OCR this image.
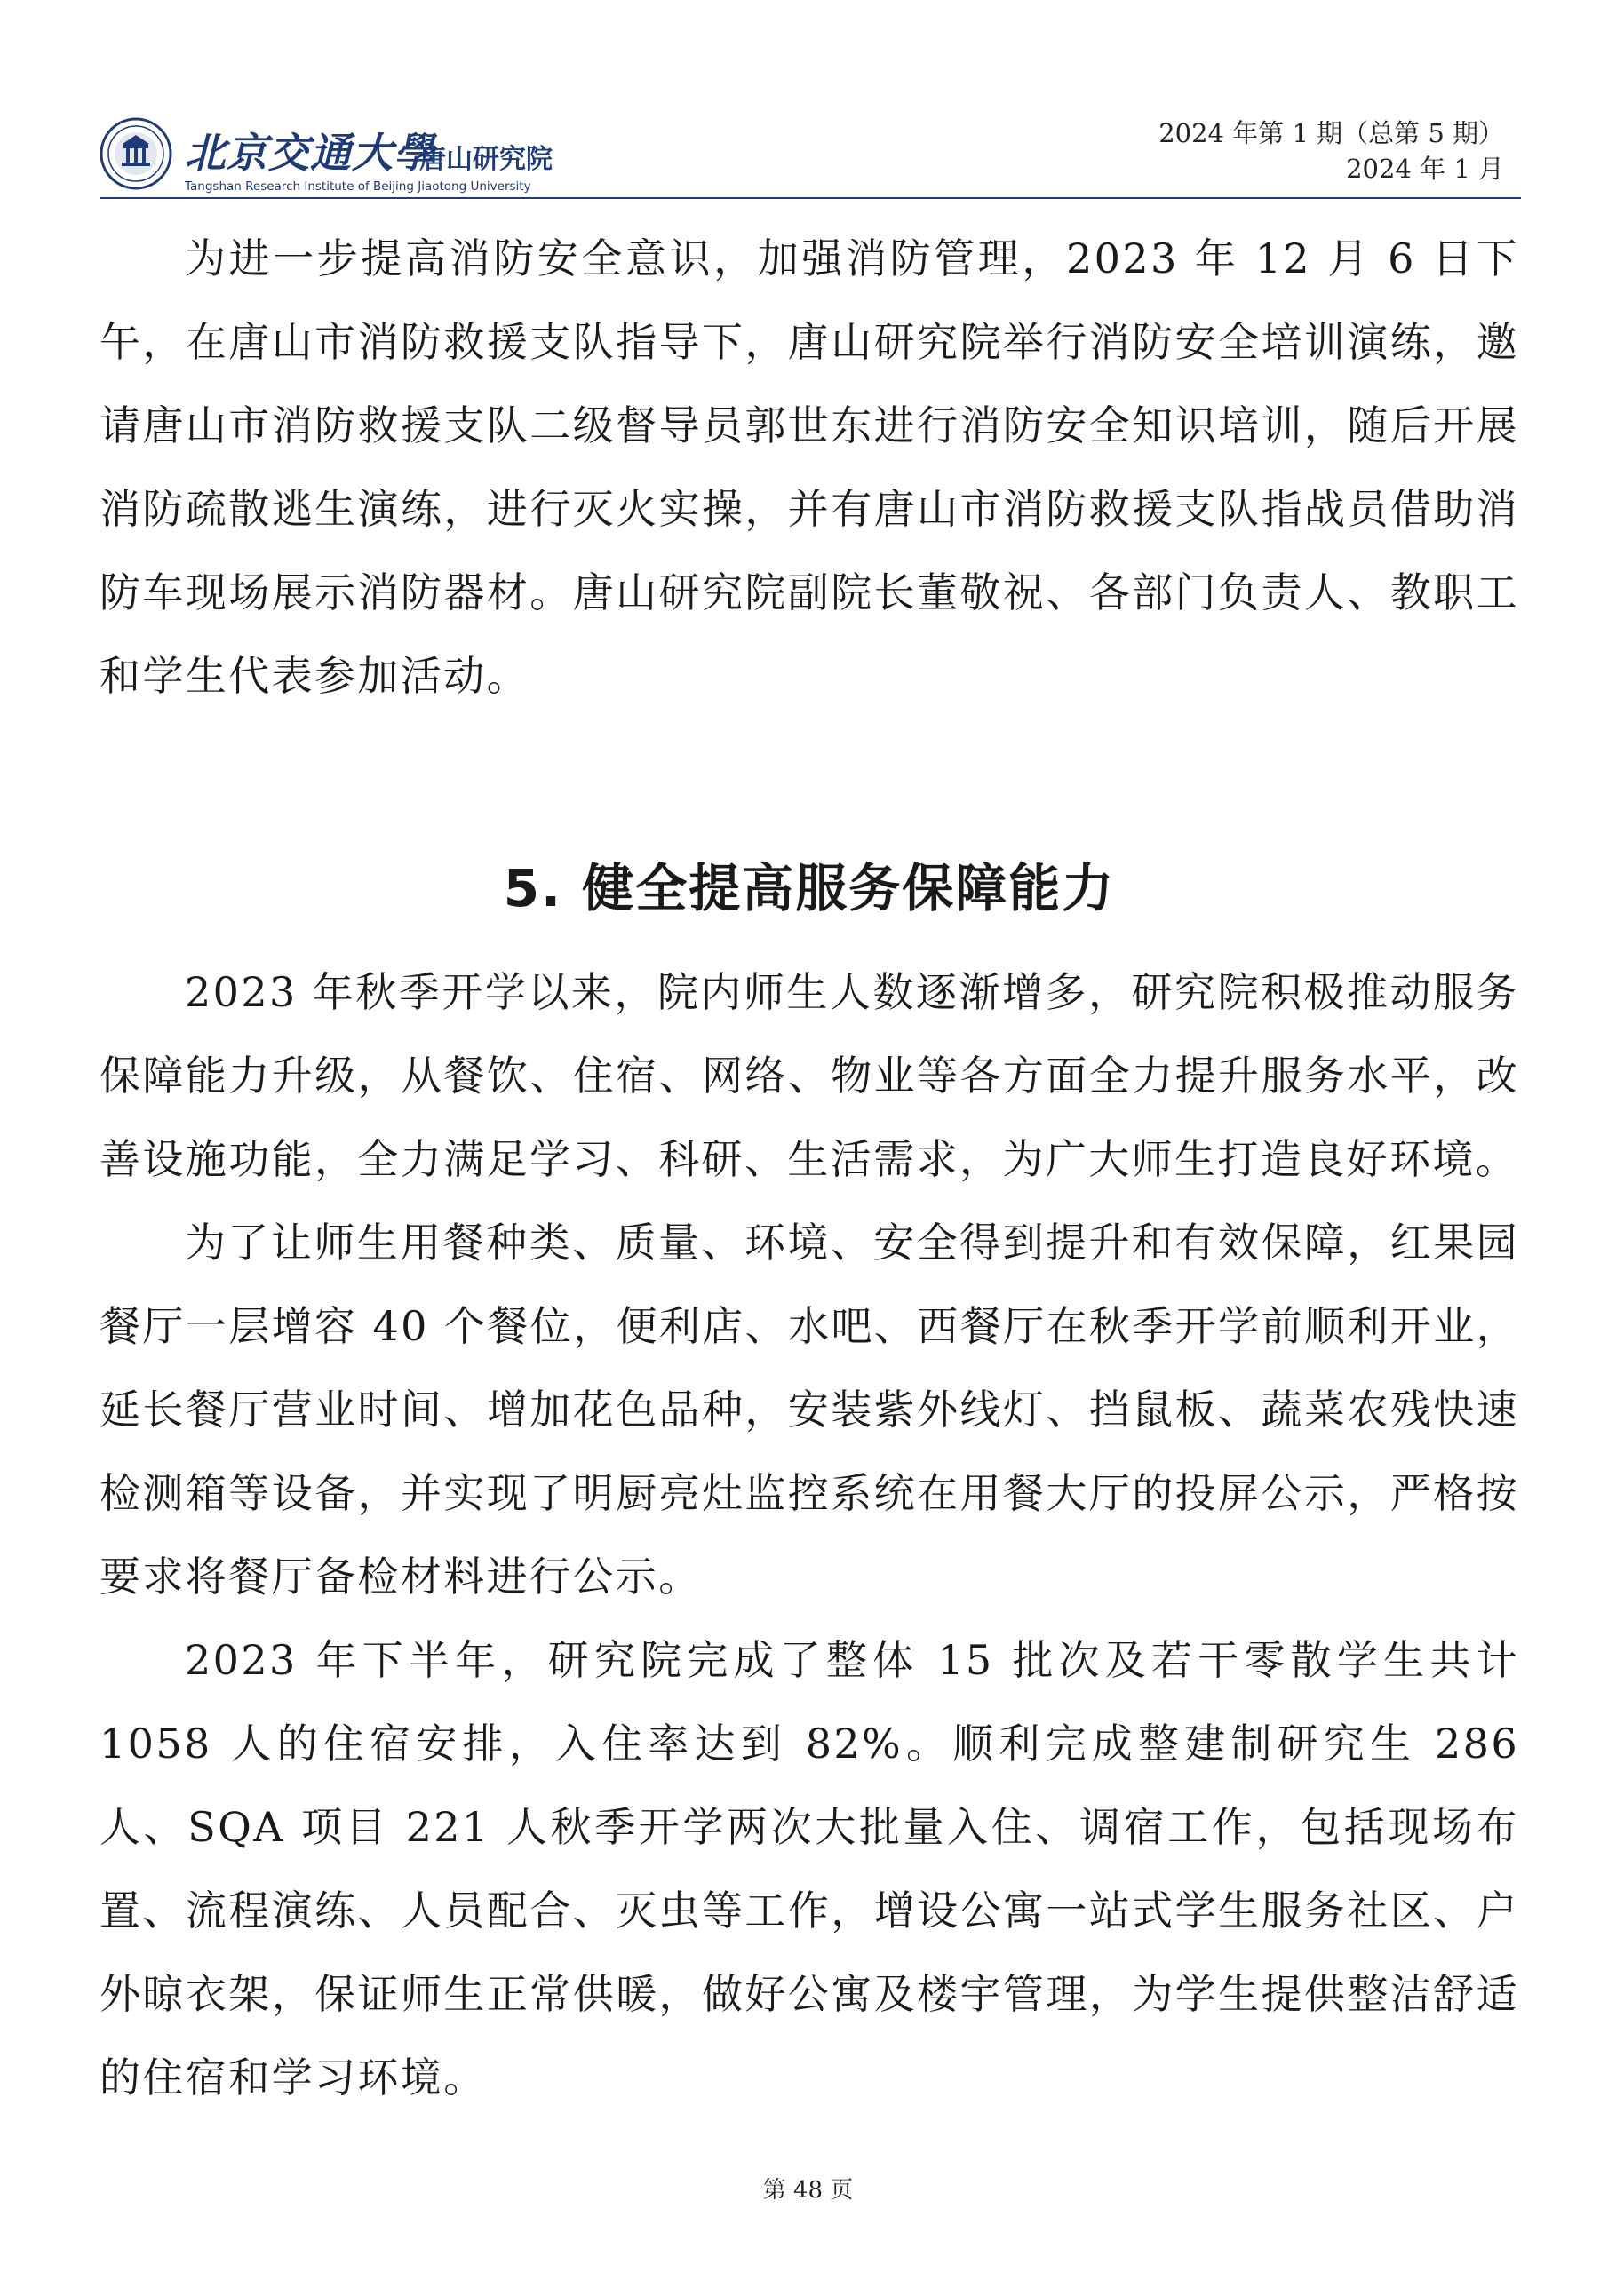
北京交通大學
唐山研究院
Tangshan Research Institute of Beijing Jiaotong University
2024 年第 1 期（总第 5 期）
2024 年 1 月

为进一步提高消防安全意识，加强消防管理，2023 年 12 月 6 日下午，在唐山市消防救援支队指导下，唐山研究院举行消防安全培训演练，邀请唐山市消防救援支队二级督导员郭世东进行消防安全知识培训，随后开展消防疏散逃生演练，进行灭火实操，并有唐山市消防救援支队指战员借助消防车现场展示消防器材。唐山研究院副院长董敬祝、各部门负责人、教职工和学生代表参加活动。

5. 健全提高服务保障能力

2023 年秋季开学以来，院内师生人数逐渐增多，研究院积极推动服务保障能力升级，从餐饮、住宿、网络、物业等各方面全力提升服务水平，改善设施功能，全力满足学习、科研、生活需求，为广大师生打造良好环境。

为了让师生用餐种类、质量、环境、安全得到提升和有效保障，红果园餐厅一层增容 40 个餐位，便利店、水吧、西餐厅在秋季开学前顺利开业，延长餐厅营业时间、增加花色品种，安装紫外线灯、挡鼠板、蔬菜农残快速检测箱等设备，并实现了明厨亮灶监控系统在用餐大厅的投屏公示，严格按要求将餐厅备检材料进行公示。

2023 年下半年，研究院完成了整体 15 批次及若干零散学生共计 1058 人的住宿安排，入住率达到 82%。顺利完成整建制研究生 286 人、SQA 项目 221 人秋季开学两次大批量入住、调宿工作，包括现场布置、流程演练、人员配合、灭虫等工作，增设公寓一站式学生服务社区、户外晾衣架，保证师生正常供暖，做好公寓及楼宇管理，为学生提供整洁舒适的住宿和学习环境。

第 48 页
